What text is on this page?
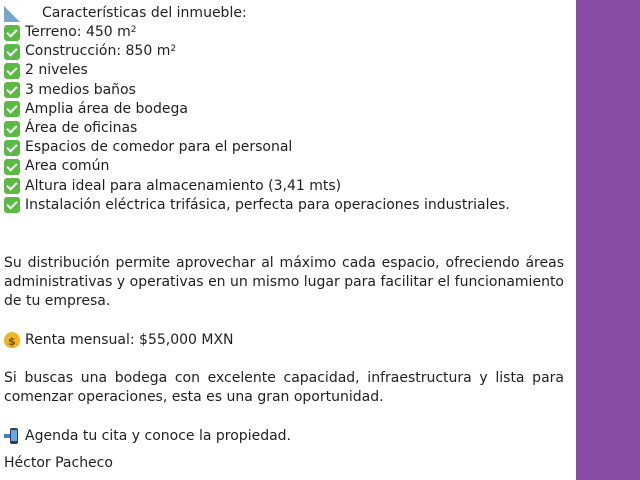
Características del inmueble:
Terreno: 450 $m^2$
Construcción: 850 $m^2$
2 niveles
3 medios baños
Amplia área de bodega
Área de oficinas
Espacios de comedor para el personal
Area común
Altura ideal para almacenamiento (3,41 mts)
Instalación eléctrica trifásica, perfecta para operaciones industriales.

Su distribución permite aprovechar al máximo cada espacio, ofreciendo áreas administrativas y operativas en un mismo lugar para facilitar el funcionamiento de tu empresa.

$
Renta mensual: $55,000 MXN

Si buscas una bodega con excelente capacidad, infraestructura y lista para comenzar operaciones, esta es una gran oportunidad.

Agenda tu cita y conoce la propiedad.
Héctor Pacheco
